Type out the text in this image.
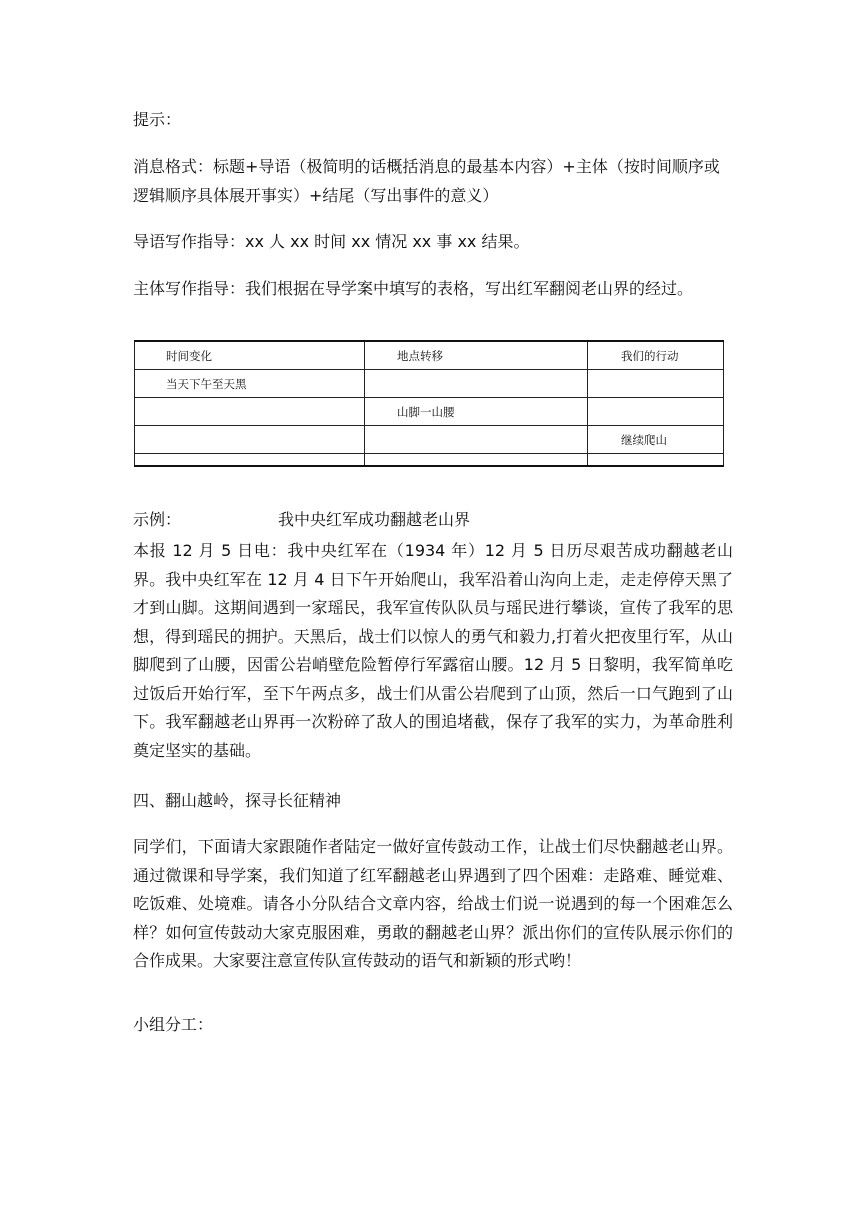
提示：

消息格式：标题+导语（极简明的话概括消息的最基本内容）+主体（按时间顺序或逻辑顺序具体展开事实）+结尾（写出事件的意义）

导语写作指导：xx 人 xx 时间 xx 情况 xx 事 xx 结果。

主体写作指导：我们根据在导学案中填写的表格，写出红军翻阅老山界的经过。

时间变化	地点转移	我们的行动
当天下午至天黑		
	山脚一山腰	
		继续爬山

示例：	我中央红军成功翻越老山界

本报 12 月 5 日电：我中央红军在（1934 年）12 月 5 日历尽艰苦成功翻越老山界。我中央红军在 12 月 4 日下午开始爬山，我军沿着山沟向上走，走走停停天黑了才到山脚。这期间遇到一家瑶民，我军宣传队队员与瑶民进行攀谈，宣传了我军的思想，得到瑶民的拥护。天黑后，战士们以惊人的勇气和毅力,打着火把夜里行军，从山脚爬到了山腰，因雷公岩峭壁危险暂停行军露宿山腰。12 月 5 日黎明，我军简单吃过饭后开始行军，至下午两点多，战士们从雷公岩爬到了山顶，然后一口气跑到了山下。我军翻越老山界再一次粉碎了敌人的围追堵截，保存了我军的实力，为革命胜利奠定坚实的基础。

四、翻山越岭，探寻长征精神

同学们，下面请大家跟随作者陆定一做好宣传鼓动工作，让战士们尽快翻越老山界。 通过微课和导学案，我们知道了红军翻越老山界遇到了四个困难：走路难、睡觉难、吃饭难、处境难。请各小分队结合文章内容，给战士们说一说遇到的每一个困难怎么样？如何宣传鼓动大家克服困难，勇敢的翻越老山界？派出你们的宣传队展示你们的合作成果。大家要注意宣传队宣传鼓动的语气和新颖的形式哟！

小组分工：
